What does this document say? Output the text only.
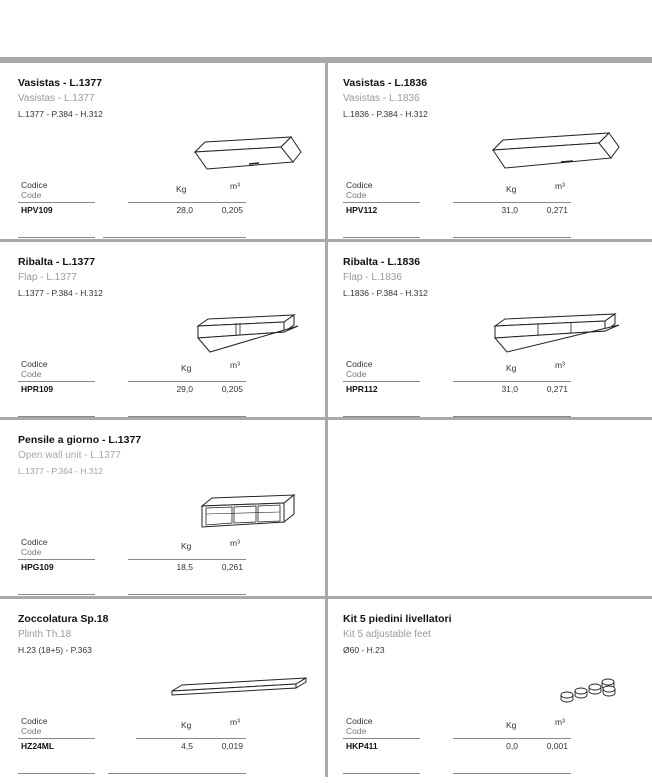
Vasistas - L.1377
Vasistas - L.1377
L.1377 - P.384 - H.312
Codice
Code
Kg	m³
HPV109	28,0	0,205
Vasistas - L.1836
Vasistas - L.1836
L.1836 - P.384 - H.312
Codice
Code
Kg	m³
HPV112	31,0	0,271
Ribalta - L.1377
Flap - L.1377
L.1377 - P.384 - H.312
Codice
Code
Kg	m³
HPR109	29,0	0,205
Ribalta - L.1836
Flap - L.1836
L.1836 - P.384 - H.312
Codice
Code
Kg	m³
HPR112	31,0	0,271
Pensile a giorno - L.1377
Open wall unit - L.1377
L.1377 - P.364 - H.312
Codice
Code
Kg	m³
HPG109	18,5	0,261
Zoccolatura Sp.18
Plinth Th.18
H.23 (18+5) - P.363
Codice
Code
Kg	m³
HZ24ML	4,5	0,019
Kit 5 piedini livellatori
Kit 5 adjustable feet
Ø60 - H.23
Codice
Code
Kg	m³
HKP411	0,0	0,001
